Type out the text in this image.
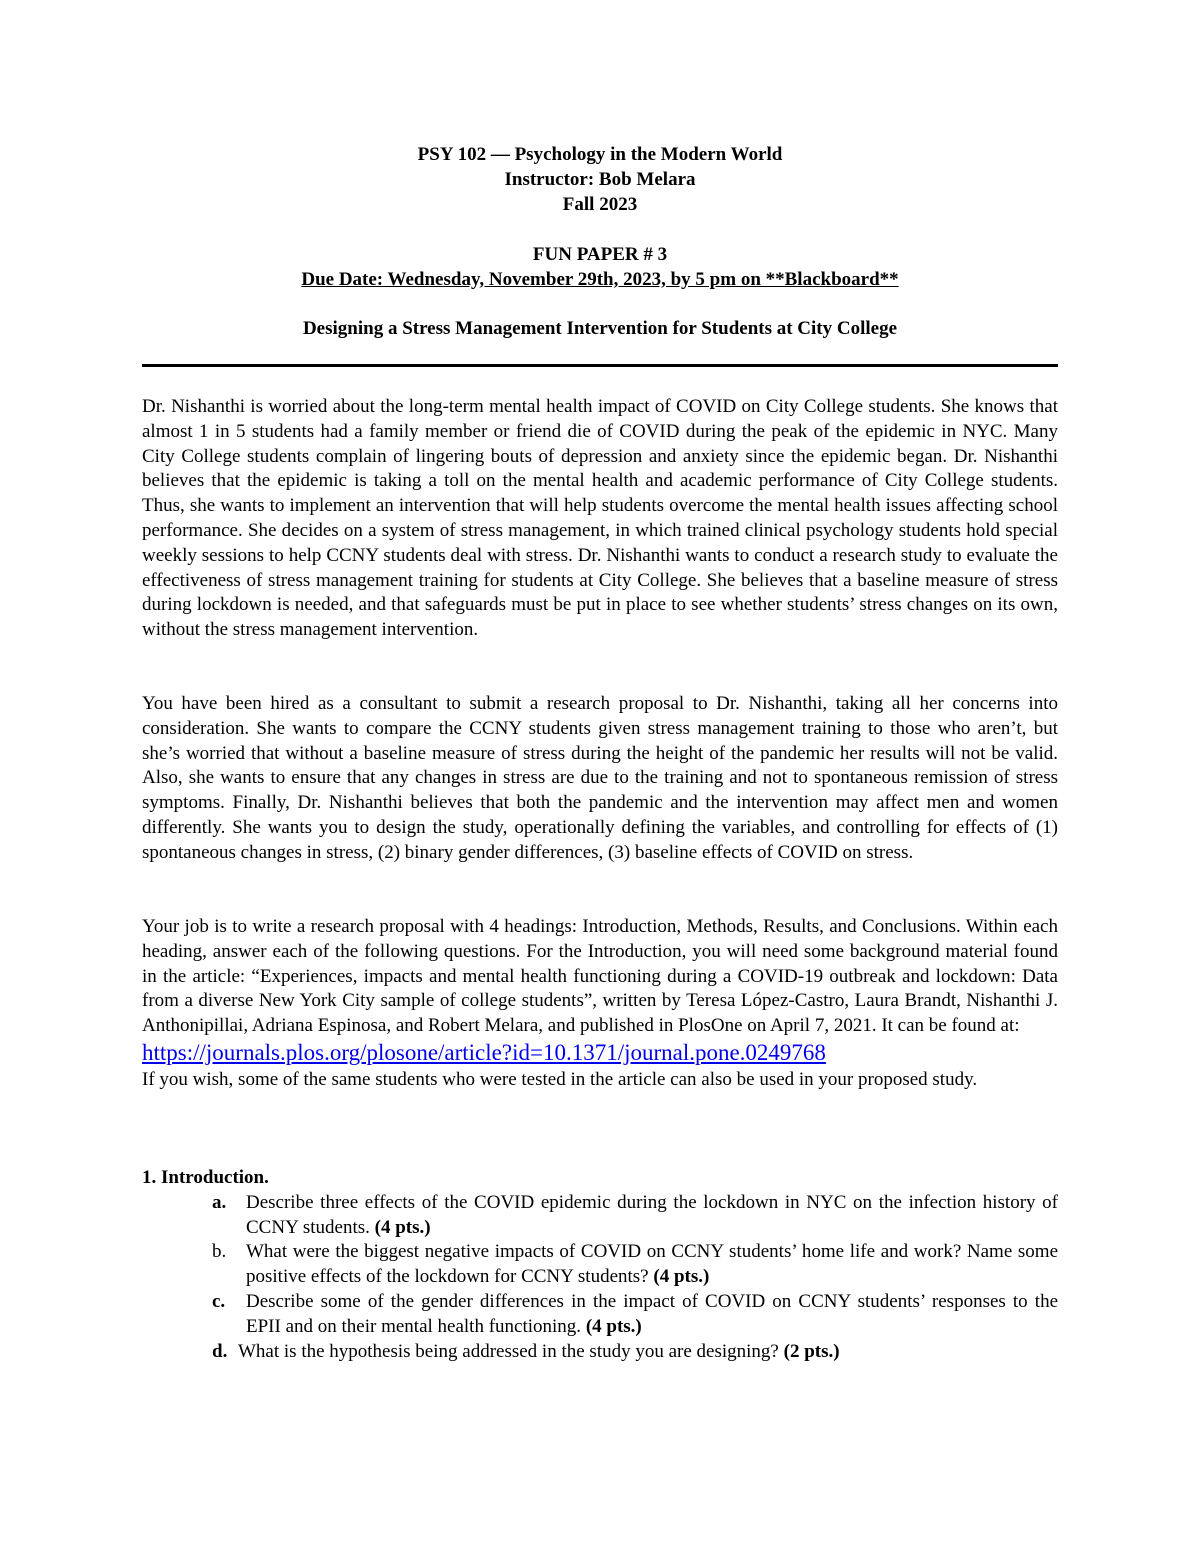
PSY 102 — Psychology in the Modern World
Instructor: Bob Melara
Fall 2023
FUN PAPER # 3
Due Date: Wednesday, November 29th, 2023, by 5 pm on **Blackboard**
Designing a Stress Management Intervention for Students at City College

Dr. Nishanthi is worried about the long-term mental health impact of COVID on City College students. She knows that almost 1 in 5 students had a family member or friend die of COVID during the peak of the epidemic in NYC. Many City College students complain of lingering bouts of depression and anxiety since the epidemic began. Dr. Nishanthi believes that the epidemic is taking a toll on the mental health and academic performance of City College students. Thus, she wants to implement an intervention that will help students overcome the mental health issues affecting school performance. She decides on a system of stress management, in which trained clinical psychology students hold special weekly sessions to help CCNY students deal with stress. Dr. Nishanthi wants to conduct a research study to evaluate the effectiveness of stress management training for students at City College. She believes that a baseline measure of stress during lockdown is needed, and that safeguards must be put in place to see whether students’ stress changes on its own, without the stress management intervention.

You have been hired as a consultant to submit a research proposal to Dr. Nishanthi, taking all her concerns into consideration. She wants to compare the CCNY students given stress management training to those who aren’t, but she’s worried that without a baseline measure of stress during the height of the pandemic her results will not be valid. Also, she wants to ensure that any changes in stress are due to the training and not to spontaneous remission of stress symptoms. Finally, Dr. Nishanthi believes that both the pandemic and the intervention may affect men and women differently. She wants you to design the study, operationally defining the variables, and controlling for effects of (1) spontaneous changes in stress, (2) binary gender differences, (3) baseline effects of COVID on stress.

Your job is to write a research proposal with 4 headings: Introduction, Methods, Results, and Conclusions. Within each heading, answer each of the following questions. For the Introduction, you will need some background material found in the article: “Experiences, impacts and mental health functioning during a COVID-19 outbreak and lockdown: Data from a diverse New York City sample of college students”, written by Teresa López-Castro, Laura Brandt, Nishanthi J. Anthonipillai, Adriana Espinosa, and Robert Melara, and published in PlosOne on April 7, 2021. It can be found at:

https://journals.plos.org/plosone/article?id=10.1371/journal.pone.0249768

If you wish, some of the same students who were tested in the article can also be used in your proposed study.

1. Introduction.
a. Describe three effects of the COVID epidemic during the lockdown in NYC on the infection history of CCNY students. (4 pts.)
b. What were the biggest negative impacts of COVID on CCNY students’ home life and work? Name some positive effects of the lockdown for CCNY students? (4 pts.)
c. Describe some of the gender differences in the impact of COVID on CCNY students’ responses to the EPII and on their mental health functioning. (4 pts.)
d. What is the hypothesis being addressed in the study you are designing? (2 pts.)
